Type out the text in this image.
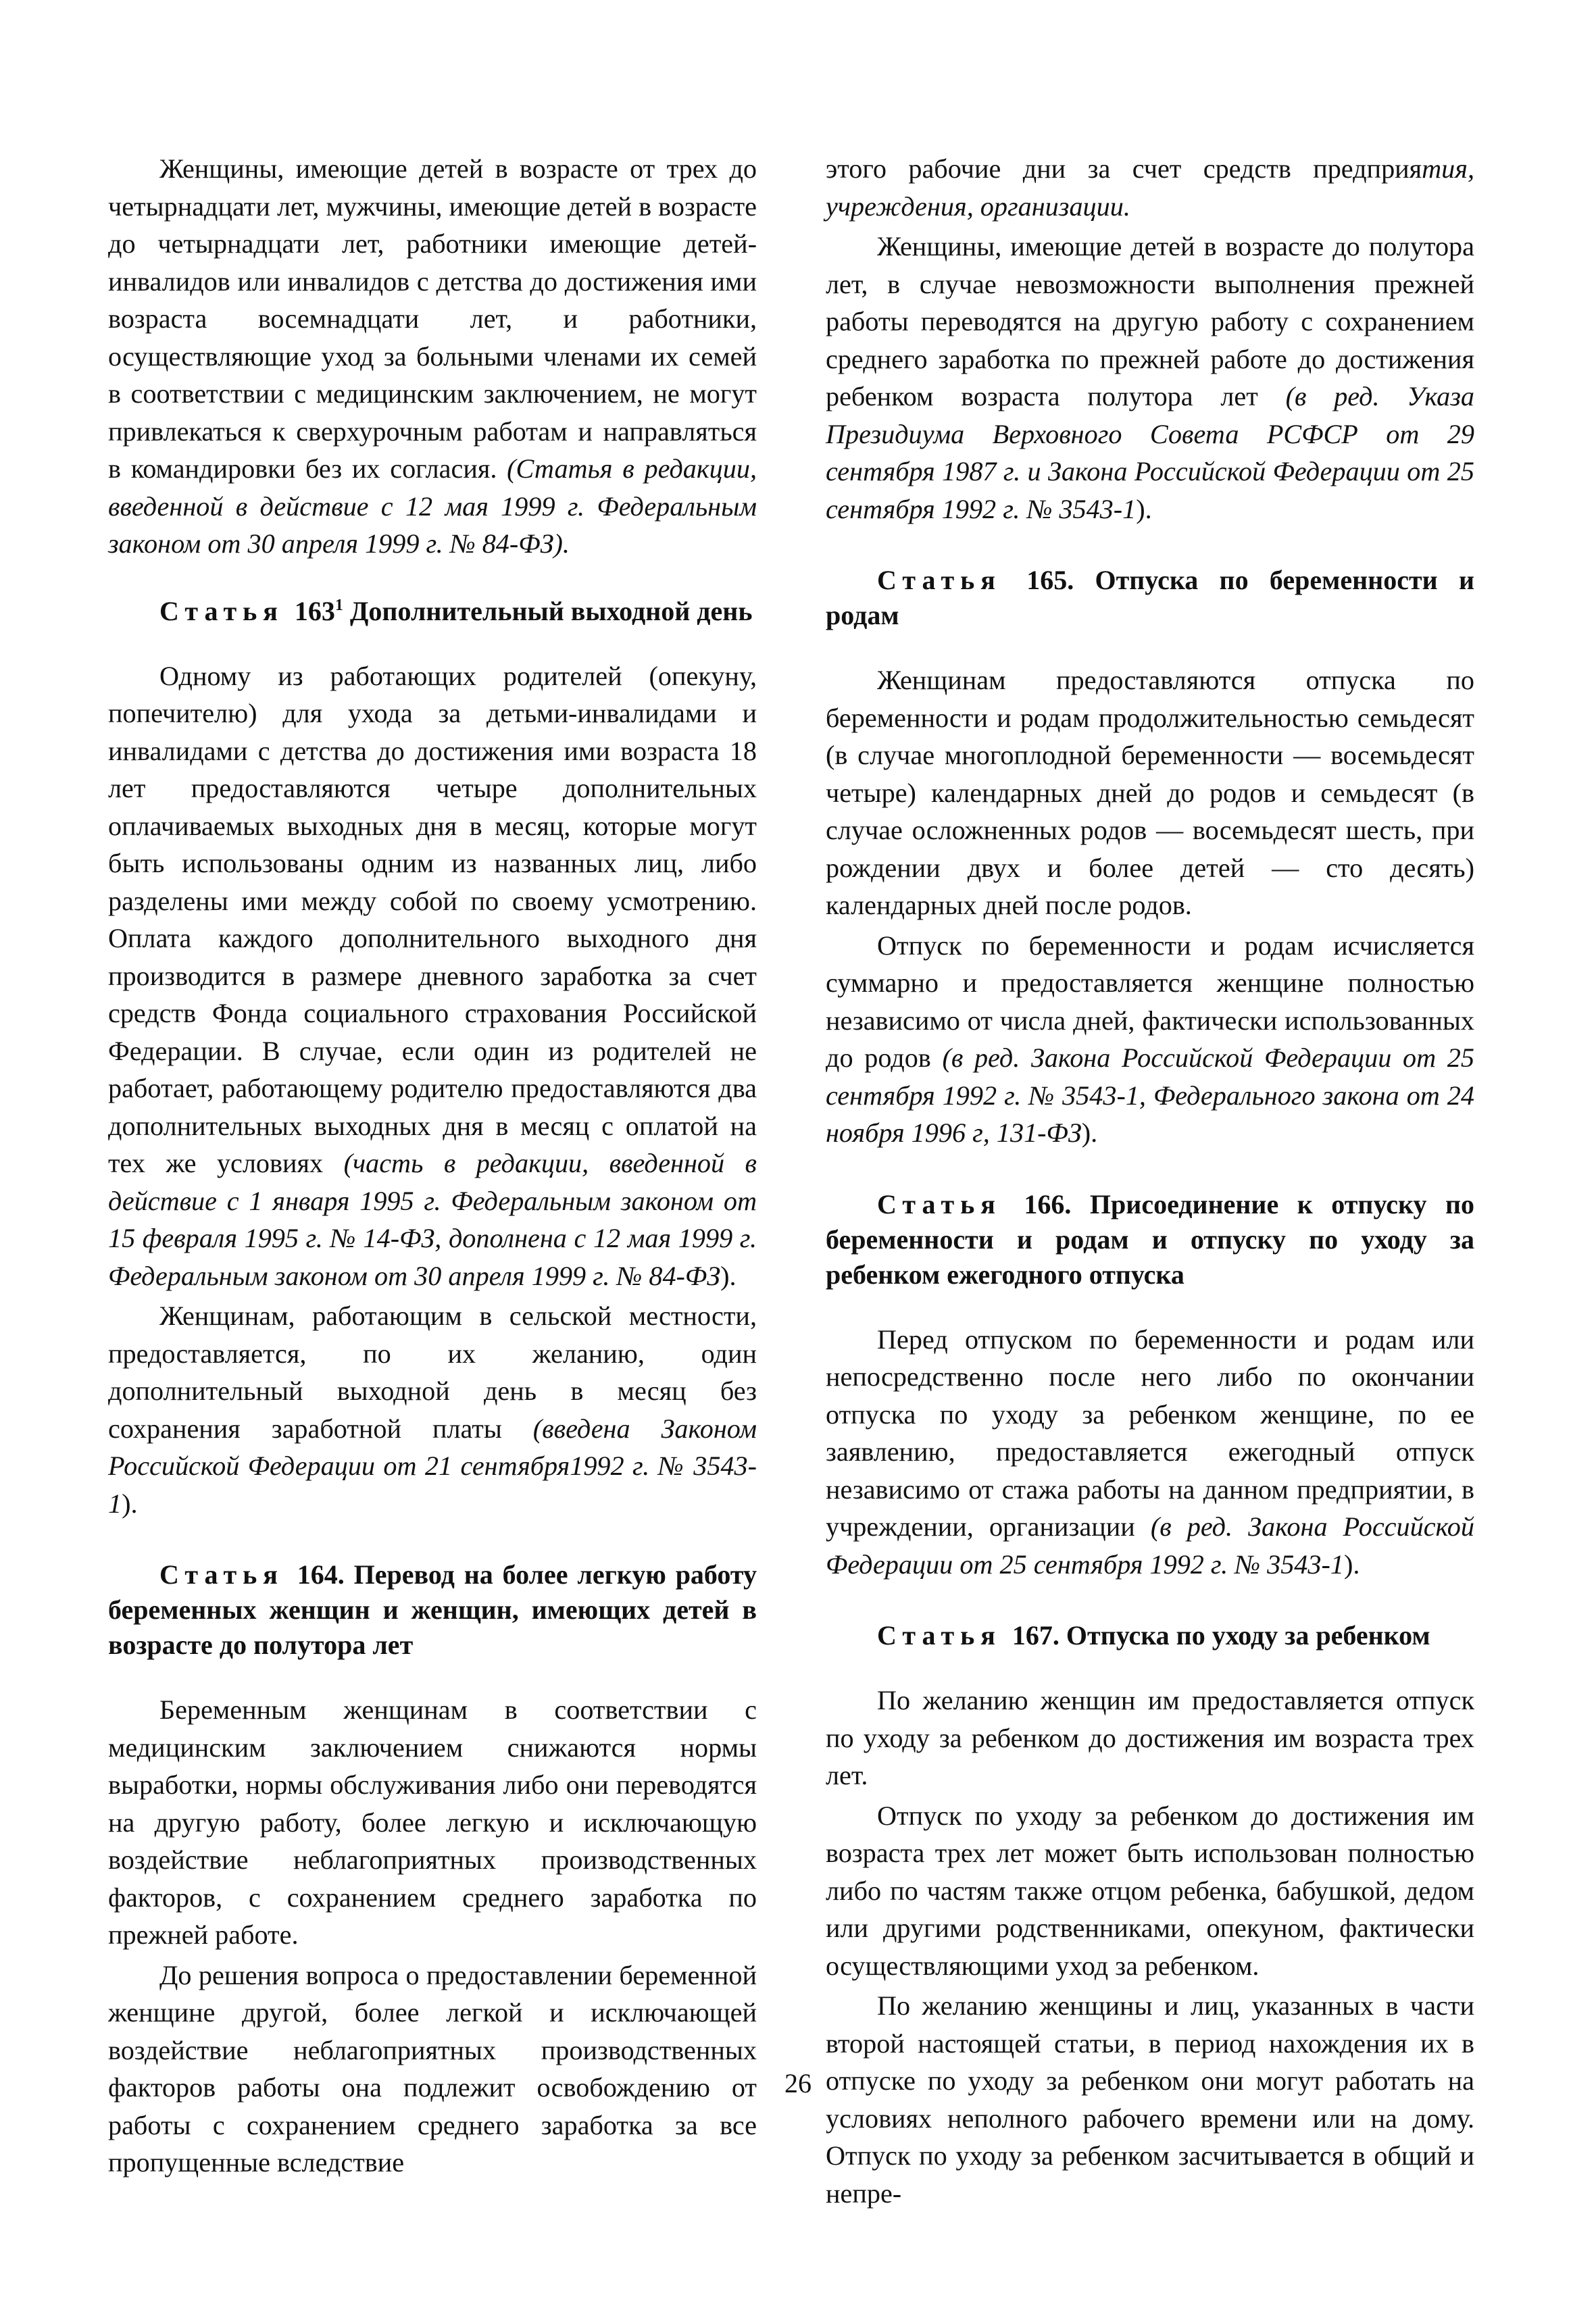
Женщины, имеющие детей в возрасте от трех до четырнадцати лет, мужчины, имеющие детей в возрасте до четырнадцати лет, работники имеющие детей-инвалидов или инвалидов с детства до достижения ими возраста восемнадцати лет, и работники, осуществляющие уход за больными членами их семей в соответствии с медицинским заключением, не могут привлекаться к сверхурочным работам и направляться в командировки без их согласия. (Статья в редакции, введенной в действие с 12 мая 1999 г. Федеральным законом от 30 апреля 1999 г. № 84-ФЗ).

Статья $163^1$ Дополнительный выходной день

Одному из работающих родителей (опекуну, попечителю) для ухода за детьми-инвалидами и инвалидами с детства до достижения ими возраста 18 лет предоставляются четыре дополнительных оплачиваемых выходных дня в месяц, которые могут быть использованы одним из названных лиц, либо разделены ими между собой по своему усмотрению. Оплата каждого дополнительного выходного дня производится в размере дневного заработка за счет средств Фонда социального страхования Российской Федерации. В случае, если один из родителей не работает, работающему родителю предоставляются два дополнительных выходных дня в месяц с оплатой на тех же условиях (часть в редакции, введенной в действие с 1 января 1995 г. Федеральным законом от 15 февраля 1995 г. № 14-ФЗ, дополнена с 12 мая 1999 г. Федеральным законом от 30 апреля 1999 г. № 84-ФЗ).

Женщинам, работающим в сельской местности, предоставляется, по их желанию, один дополнительный выходной день в месяц без сохранения заработной платы (введена Законом Российской Федерации от 21 сентября1992 г. № 3543-1).

Статья 164. Перевод на более легкую работу беременных женщин и женщин, имеющих детей в возрасте до полутора лет

Беременным женщинам в соответствии с медицинским заключением снижаются нормы выработки, нормы обслуживания либо они переводятся на другую работу, более легкую и исключающую воздействие неблагоприятных производственных факторов, с сохранением среднего заработка по прежней работе.

До решения вопроса о предоставлении беременной женщине другой, более легкой и исключающей воздействие неблагоприятных производственных факторов работы она подлежит освобождению от работы с сохранением среднего заработка за все пропущенные вследствие

этого рабочие дни за счет средств предприятия, учреждения, организации.

Женщины, имеющие детей в возрасте до полутора лет, в случае невозможности выполнения прежней работы переводятся на другую работу с сохранением среднего заработка по прежней работе до достижения ребенком возраста полутора лет (в ред. Указа Президиума Верховного Совета РСФСР от 29 сентября 1987 г. и Закона Российской Федерации от 25 сентября 1992 г. № 3543-1).

Статья 165. Отпуска по беременности и родам

Женщинам предоставляются отпуска по беременности и родам продолжительностью семьдесят (в случае многоплодной беременности — восемьдесят четыре) календарных дней до родов и семьдесят (в случае осложненных родов — восемьдесят шесть, при рождении двух и более детей — сто десять) календарных дней после родов.

Отпуск по беременности и родам исчисляется суммарно и предоставляется женщине полностью независимо от числа дней, фактически использованных до родов (в ред. Закона Российской Федерации от 25 сентября 1992 г. № 3543-1, Федерального закона от 24 ноября 1996 г, 131-ФЗ).

Статья 166. Присоединение к отпуску по беременности и родам и отпуску по уходу за ребенком ежегодного отпуска

Перед отпуском по беременности и родам или непосредственно после него либо по окончании отпуска по уходу за ребенком женщине, по ее заявлению, предоставляется ежегодный отпуск независимо от стажа работы на данном предприятии, в учреждении, организации (в ред. Закона Российской Федерации от 25 сентября 1992 г. № 3543-1).

Статья 167. Отпуска по уходу за ребенком

По желанию женщин им предоставляется отпуск по уходу за ребенком до достижения им возраста трех лет.

Отпуск по уходу за ребенком до достижения им возраста трех лет может быть использован полностью либо по частям также отцом ребенка, бабушкой, дедом или другими родственниками, опекуном, фактически осуществляющими уход за ребенком.

По желанию женщины и лиц, указанных в части второй настоящей статьи, в период нахождения их в отпуске по уходу за ребенком они могут работать на условиях неполного рабочего времени или на дому. Отпуск по уходу за ребенком засчитывается в общий и непре-

26
